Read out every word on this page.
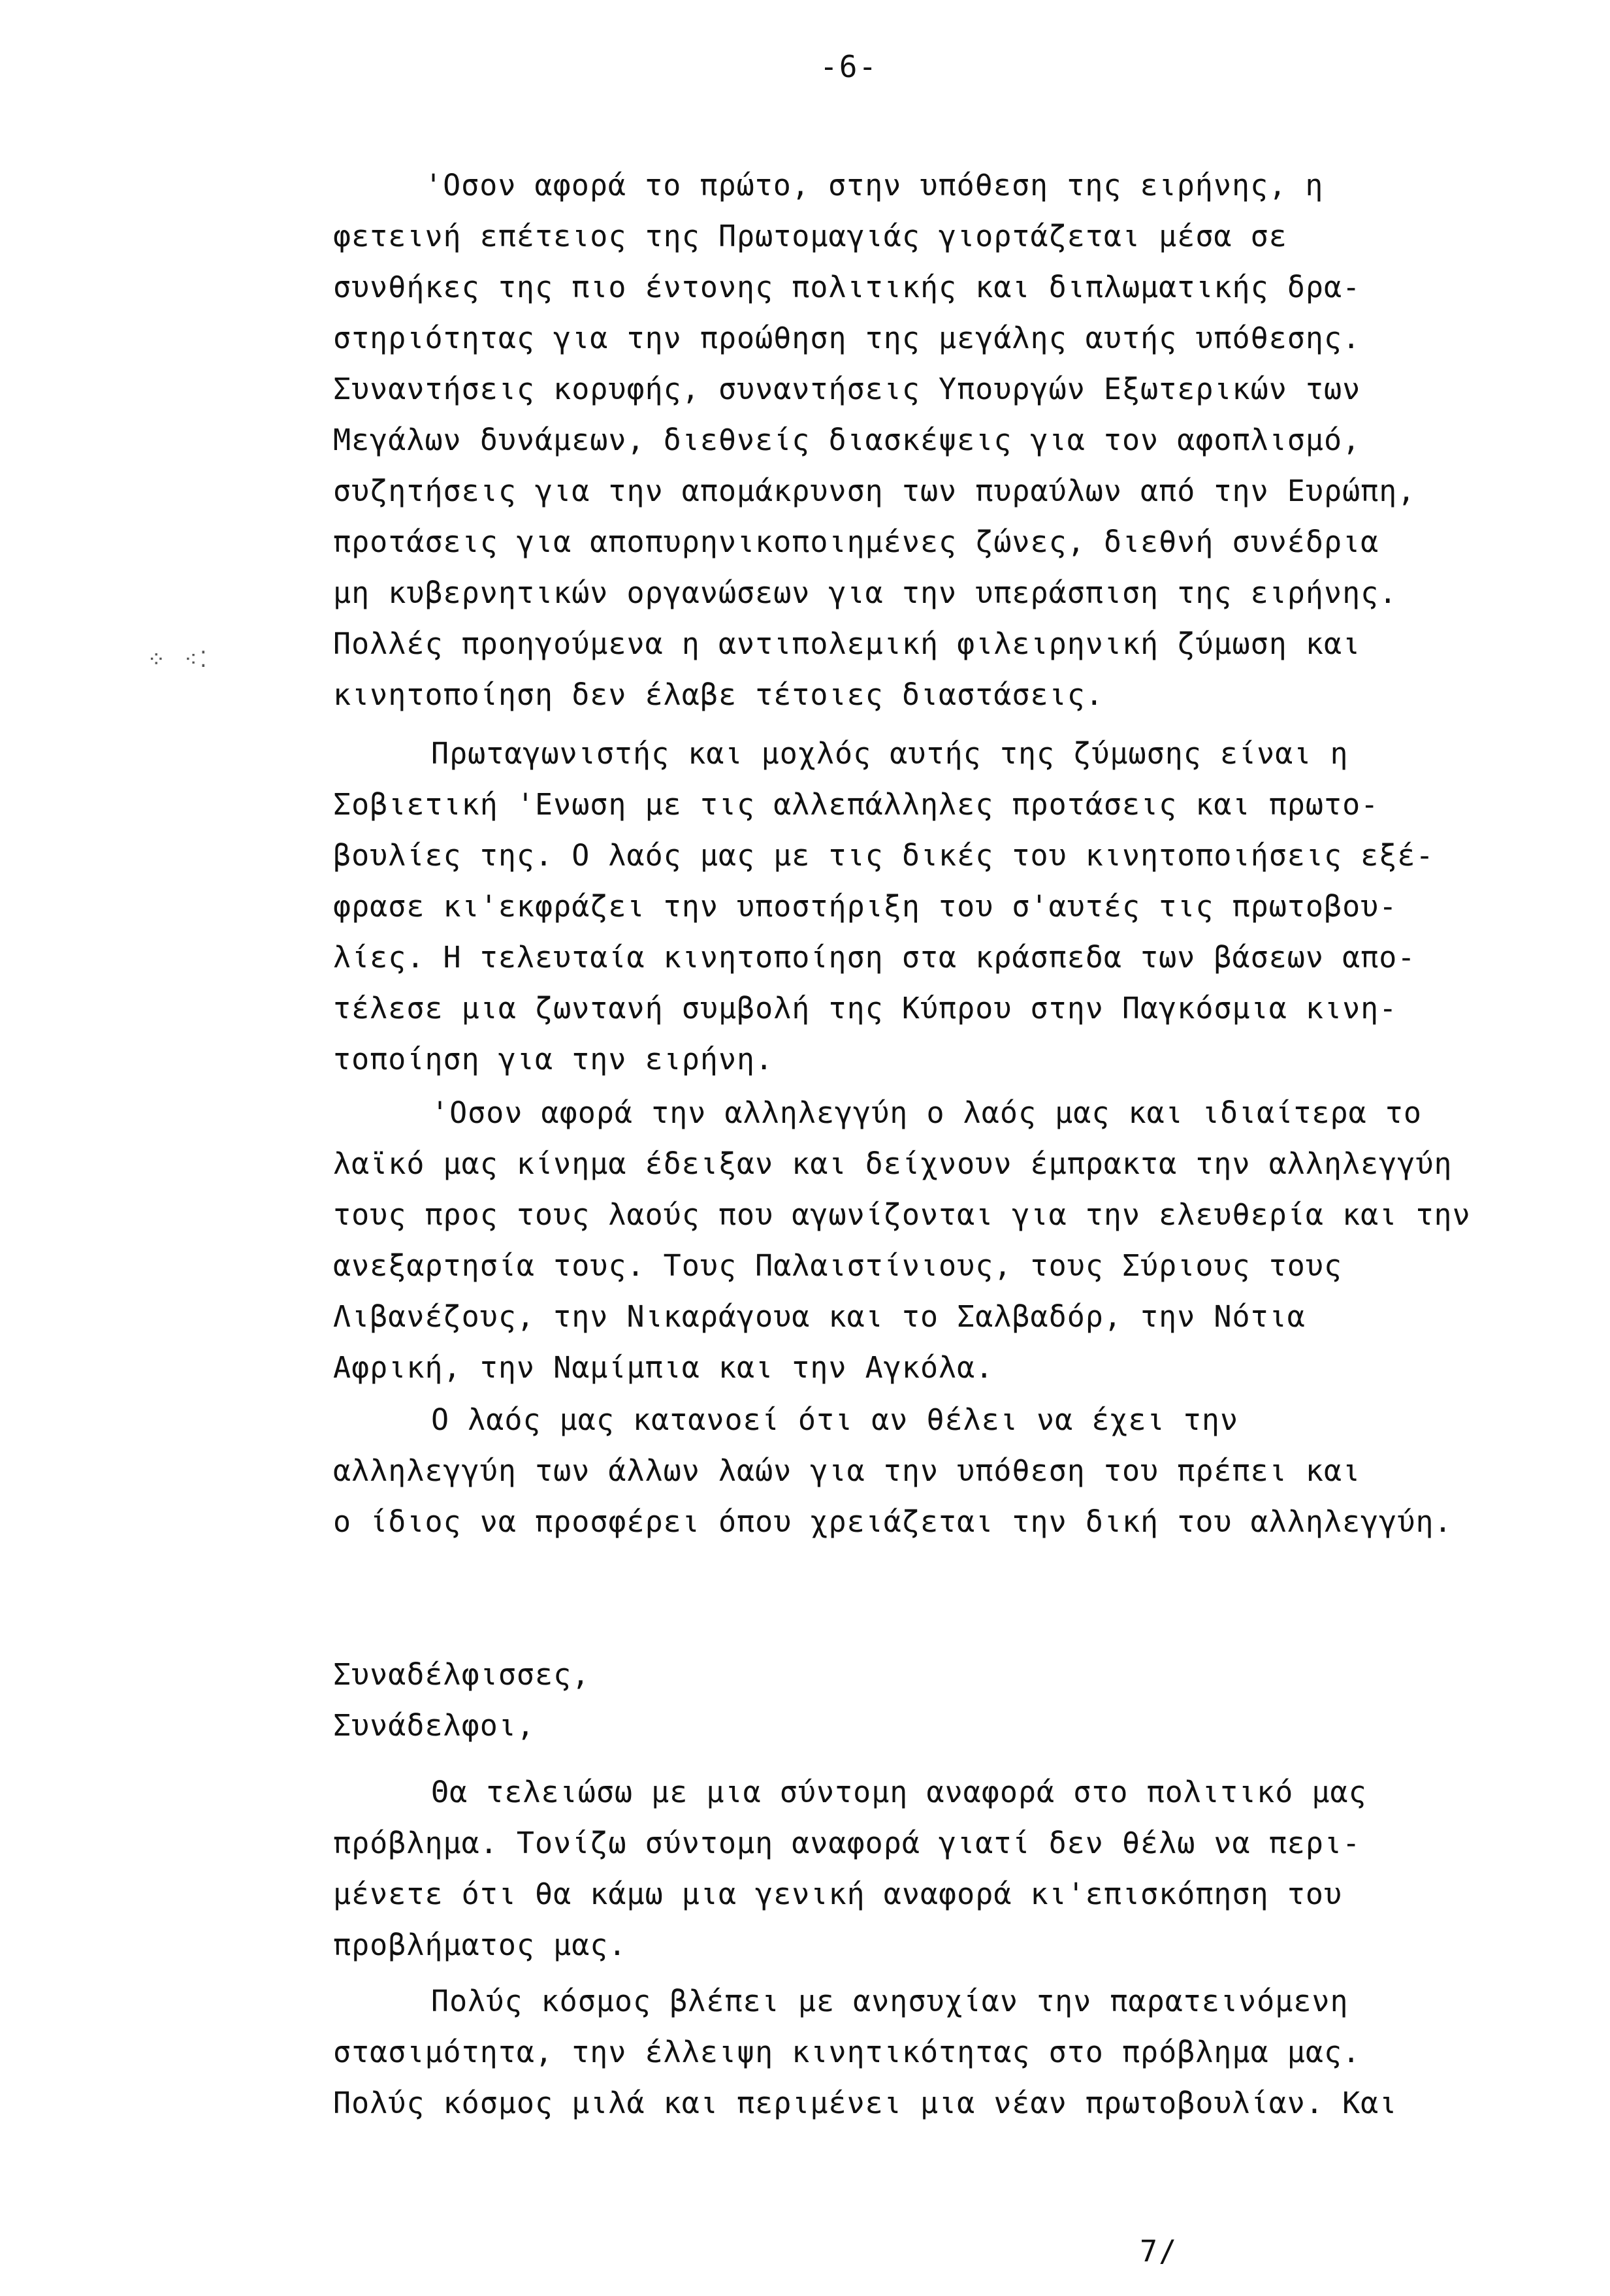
-6-
⁘ ⁖⁚
'Οσον αφορά το πρώτο, στην υπόθεση της ειρήνης, η
φετεινή επέτειος της Πρωτομαγιάς γιορτάζεται μέσα σε
συνθήκες της πιο έντονης πολιτικής και διπλωματικής δρα-
στηριότητας για την προώθηση της μεγάλης αυτής υπόθεσης.
Συναντήσεις κορυφής, συναντήσεις Υπουργών Εξωτερικών των
Μεγάλων δυνάμεων, διεθνείς διασκέψεις για τον αφοπλισμό,
συζητήσεις για την απομάκρυνση των πυραύλων από την Ευρώπη,
προτάσεις για αποπυρηνικοποιημένες ζώνες, διεθνή συνέδρια
μη κυβερνητικών οργανώσεων για την υπεράσπιση της ειρήνης.
Πολλές προηγούμενα η αντιπολεμική φιλειρηνική ζύμωση και
κινητοποίηση δεν έλαβε τέτοιες διαστάσεις.
Πρωταγωνιστής και μοχλός αυτής της ζύμωσης είναι η
Σοβιετική 'Ενωση με τις αλλεπάλληλες προτάσεις και πρωτο-
βουλίες της. Ο λαός μας με τις δικές του κινητοποιήσεις εξέ-
φρασε κι'εκφράζει την υποστήριξη του σ'αυτές τις πρωτοβου-
λίες. Η τελευταία κινητοποίηση στα κράσπεδα των βάσεων απο-
τέλεσε μια ζωντανή συμβολή της Κύπρου στην Παγκόσμια κινη-
τοποίηση για την ειρήνη.
'Οσον αφορά την αλληλεγγύη ο λαός μας και ιδιαίτερα το
λαϊκό μας κίνημα έδειξαν και δείχνουν έμπρακτα την αλληλεγγύη
τους προς τους λαούς που αγωνίζονται για την ελευθερία και την
ανεξαρτησία τους. Τους Παλαιστίνιους, τους Σύριους τους
Λιβανέζους, την Νικαράγουα και το Σαλβαδόρ, την Νότια
Αφρική, την Ναμίμπια και την Αγκόλα.
Ο λαός μας κατανοεί ότι αν θέλει να έχει την
αλληλεγγύη των άλλων λαών για την υπόθεση του πρέπει και
ο ίδιος να προσφέρει όπου χρειάζεται την δική του αλληλεγγύη.
Συναδέλφισσες,
Συνάδελφοι,
Θα τελειώσω με μια σύντομη αναφορά στο πολιτικό μας
πρόβλημα. Τονίζω σύντομη αναφορά γιατί δεν θέλω να περι-
μένετε ότι θα κάμω μια γενική αναφορά κι'επισκόπηση του
προβλήματος μας.
Πολύς κόσμος βλέπει με ανησυχίαν την παρατεινόμενη
στασιμότητα, την έλλειψη κινητικότητας στο πρόβλημα μας.
Πολύς κόσμος μιλά και περιμένει μια νέαν πρωτοβουλίαν. Και
7/
